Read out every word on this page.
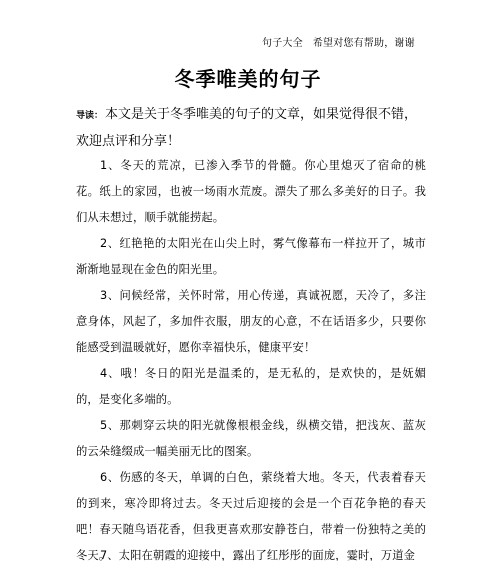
句子大全 希望对您有帮助，谢谢
冬季唯美的句子
导读： 本文是关于冬季唯美的句子的文章，如果觉得很不错，欢迎点评和分享！
1、冬天的荒凉，已渗入季节的骨髓。你心里熄灭了宿命的桃花。纸上的家园，也被一场雨水荒废。漂失了那么多美好的日子。我们从未想过，顺手就能捞起。
2、红艳艳的太阳光在山尖上时，雾气像幕布一样拉开了，城市渐渐地显现在金色的阳光里。
3、问候经常，关怀时常，用心传递，真诚祝愿，天冷了，多注意身体，风起了，多加件衣服，朋友的心意，不在话语多少，只要你能感受到温暖就好，愿你幸福快乐，健康平安！
4、哦！冬日的阳光是温柔的，是无私的，是欢快的，是妩媚的，是变化多端的。
5、那刺穿云块的阳光就像根根金线，纵横交错，把浅灰、蓝灰的云朵缝缀成一幅美丽无比的图案。
6、伤感的冬天，单调的白色，萦绕着大地。冬天，代表着春天的到来，寒冷即将过去。冬天过后迎接的会是一个百花争艳的春天吧！春天随鸟语花香，但我更喜欢那安静苍白，带着一份独特之美的冬天。
7、太阳在朝霞的迎接中，露出了红彤彤的面庞，霎时，万道金
